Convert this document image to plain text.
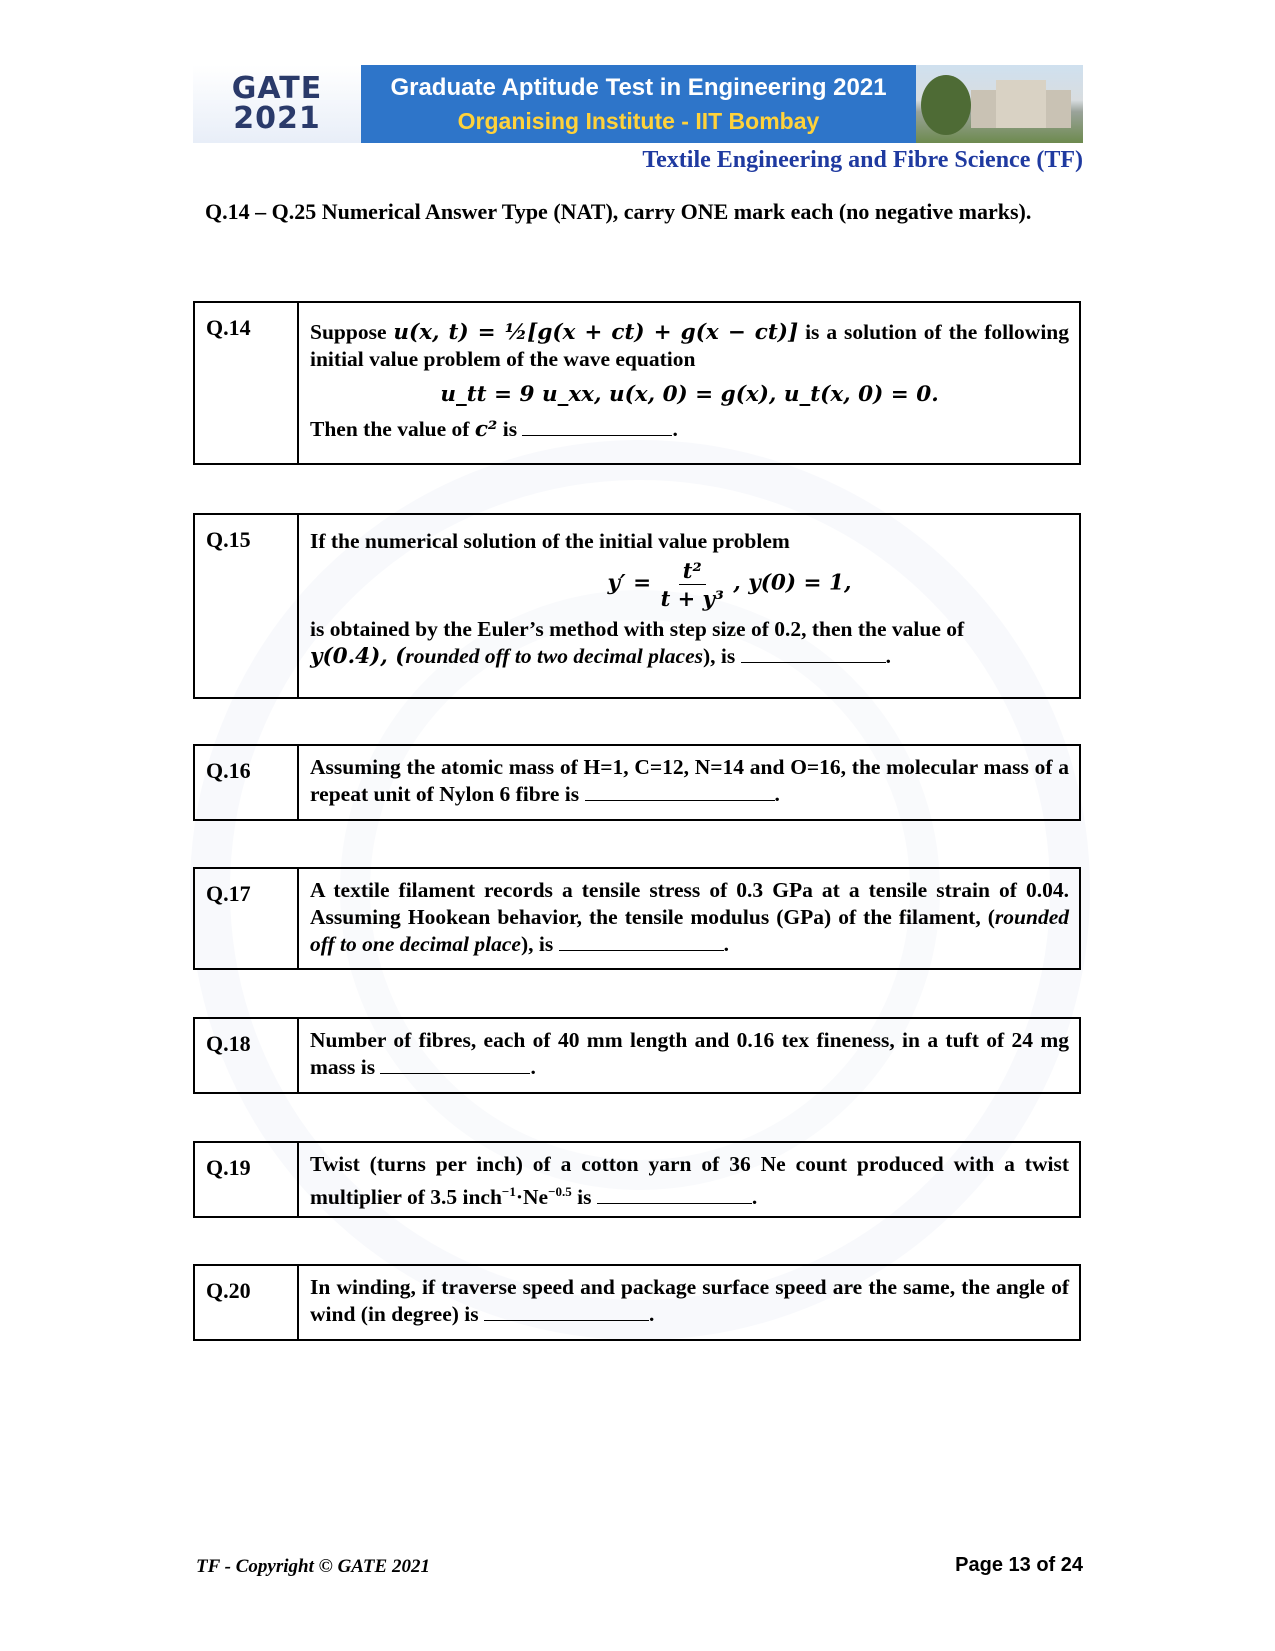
GATE
2021
Graduate Aptitude Test in Engineering 2021
Organising Institute - IIT Bombay
Textile Engineering and Fibre Science (TF)
Q.14 – Q.25 Numerical Answer Type (NAT), carry ONE mark each (no negative marks).
Q.14	Suppose u(x, t) = ½[g(x + ct) + g(x − ct)] is a solution of the following initial value problem of the wave equation
u_tt = 9 u_xx, u(x, 0) = g(x), u_t(x, 0) = 0.
Then the value of c² is	.
Q.15	If the numerical solution of the initial value problem
$y' = \frac{\text{t²}}{\text{t + y³}}$ , y(0) = 1,
is obtained by the Euler’s method with step size of 0.2, then the value of
y(0.4), (rounded off to two decimal places), is	.
Q.16	Assuming the atomic mass of H=1, C=12, N=14 and O=16, the molecular mass of a repeat unit of Nylon 6 fibre is	.
Q.17	A textile filament records a tensile stress of 0.3 GPa at a tensile strain of 0.04. Assuming Hookean behavior, the tensile modulus (GPa) of the filament, (rounded off to one decimal place), is	.
Q.18	Number of fibres, each of 40 mm length and 0.16 tex fineness, in a tuft of 24 mg mass is	.
Q.19	Twist (turns per inch) of a cotton yarn of 36 Ne count produced with a twist multiplier of 3.5 $inch^{-1}\cdot Ne^{-0.5}$ is	.
Q.20	In winding, if traverse speed and package surface speed are the same, the angle of wind (in degree) is	.
TF - Copyright © GATE 2021	Page 13 of 24
